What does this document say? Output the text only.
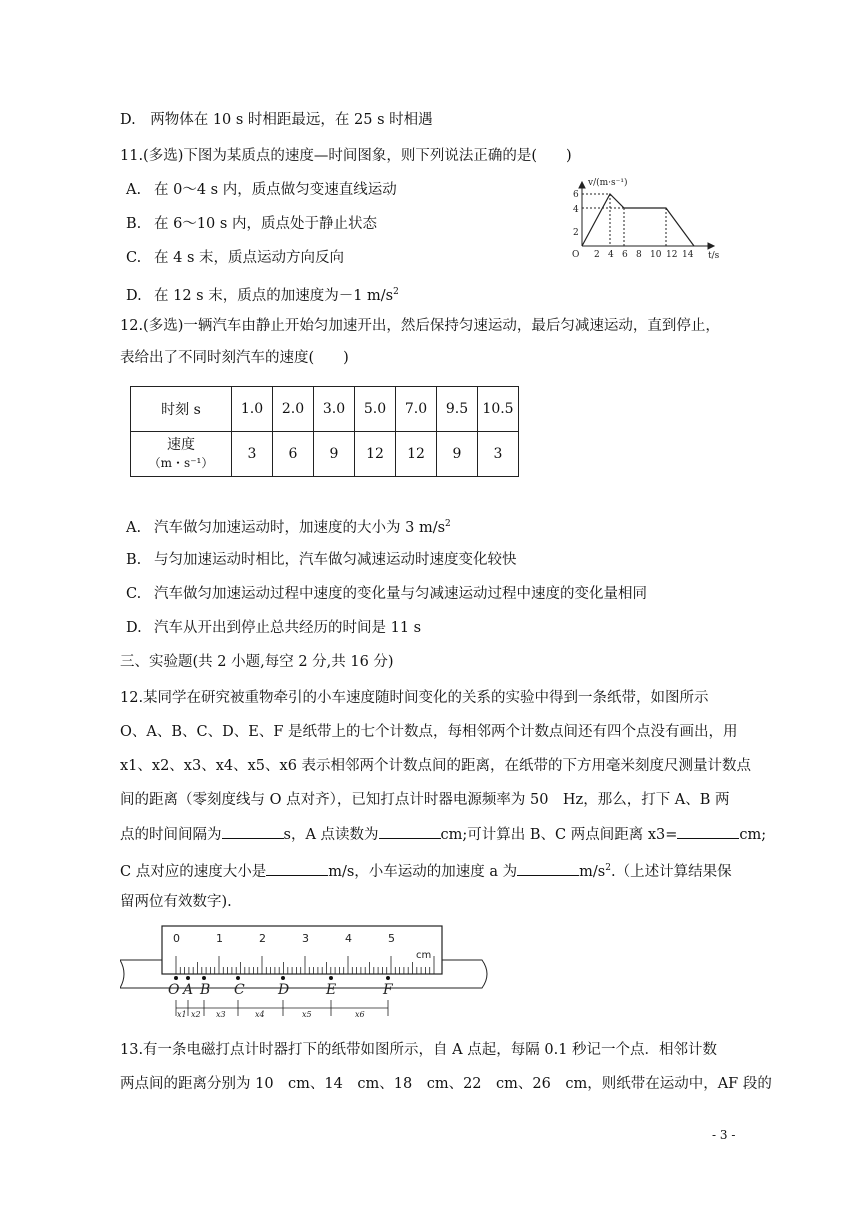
D.　两物体在 10 s 时相距最远，在 25 s 时相遇
11.(多选)下图为某质点的速度—时间图象，则下列说法正确的是(　　)
A. 在 0～4 s 内，质点做匀变速直线运动
B. 在 6～10 s 内，质点处于静止状态
C. 在 4 s 末，质点运动方向反向
D. 在 12 s 末，质点的加速度为－1 $m/s^2$
v/(m·s⁻¹)
t/s
O
2
4
6
2 4 6 8 10 12 14
12.(多选)一辆汽车由静止开始匀加速开出，然后保持匀速运动，最后匀减速运动，直到停止，
表给出了不同时刻汽车的速度(　　)
时刻 s	1.0	2.0	3.0	5.0	7.0	9.5	10.5
速度
（m・s⁻¹）	3	6	9	12	12	9	3
A. 汽车做匀加速运动时，加速度的大小为 3 $m/s^2$
B. 与匀加速运动时相比，汽车做匀减速运动时速度变化较快
C. 汽车做匀加速运动过程中速度的变化量与匀减速运动过程中速度的变化量相同
D. 汽车从开出到停止总共经历的时间是 11 s
三、实验题(共 2 小题,每空 2 分,共 16 分)
12.某同学在研究被重物牵引的小车速度随时间变化的关系的实验中得到一条纸带，如图所示
O、A、B、C、D、E、F 是纸带上的七个计数点，每相邻两个计数点间还有四个点没有画出，用
x1、x2、x3、x4、x5、x6 表示相邻两个计数点间的距离，在纸带的下方用毫米刻度尺测量计数点
间的距离（零刻度线与 O 点对齐），已知打点计时器电源频率为 50　Hz，那么，打下 A、B 两
点的时间间隔为	s，A 点读数为	cm;可计算出 B、C 两点间距离 x3=	cm;
C 点对应的速度大小是	m/s，小车运动的加速度 a 为	$m/s^2$.（上述计算结果保
留两位有效数字).
0	1	2	3	4	5
cm
O A B C D	E	F
x1 x2 x3	x4	x5	x6
13.有一条电磁打点计时器打下的纸带如图所示，自 A 点起，每隔 0.1 秒记一个点．相邻计数
两点间的距离分别为 10　cm、14　cm、18　cm、22　cm、26　cm，则纸带在运动中，AF 段的
- 3 -
